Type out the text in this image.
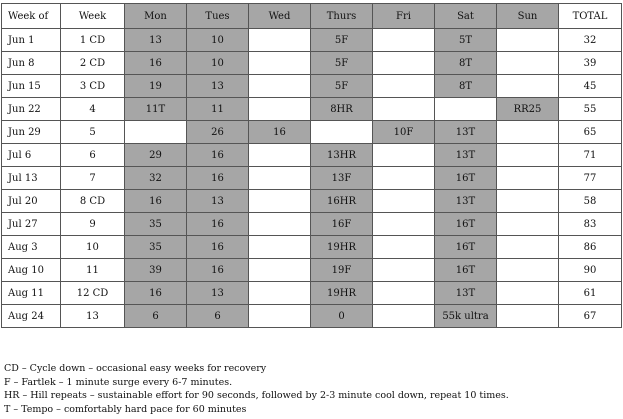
Week of	Week	Mon	Tues	Wed	Thurs	Fri	Sat	Sun	TOTAL
Jun 1	1 CD	13	10		5F		5T		32
Jun 8	2 CD	16	10		5F		8T		39
Jun 15	3 CD	19	13		5F		8T		45
Jun 22	4	11T	11		8HR			RR25	55
Jun 29	5		26	16		10F	13T		65
Jul 6	6	29	16		13HR		13T		71
Jul 13	7	32	16		13F		16T		77
Jul 20	8 CD	16	13		16HR		13T		58
Jul 27	9	35	16		16F		16T		83
Aug 3	10	35	16		19HR		16T		86
Aug 10	11	39	16		19F		16T		90
Aug 11	12 CD	16	13		19HR		13T		61
Aug 24	13	6	6		0		55k ultra		67
CD – Cycle down – occasional easy weeks for recovery
F – Fartlek – 1 minute surge every 6-7 minutes.
HR – Hill repeats – sustainable effort for 90 seconds, followed by 2-3 minute cool down, repeat 10 times.
T – Tempo – comfortably hard pace for 60 minutes
